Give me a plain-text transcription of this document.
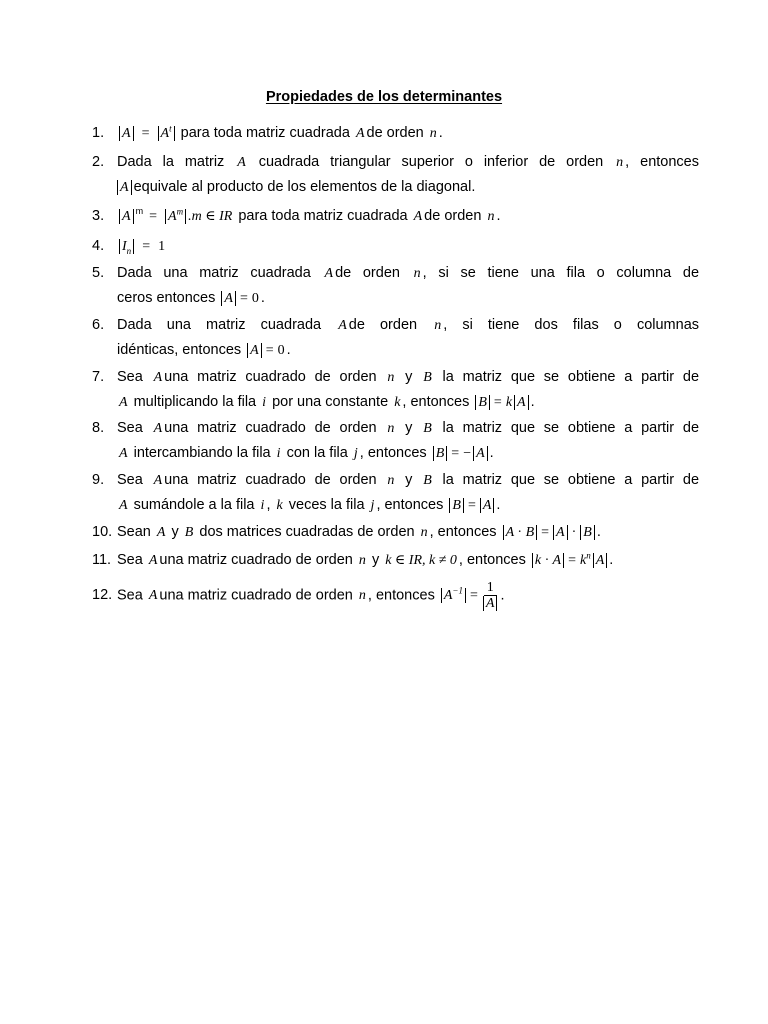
Propiedades de los determinantes
1.	$A = A^t$ para toda matriz cuadrada A de orden n .
2. Dada la matriz A cuadrada triangular superior o inferior de orden n , entonces
A equivale al producto de los elementos de la diagonal.
3.	A $^m = A^m$ .m ∈ IR para toda matriz cuadrada A de orden n .
4.	$I_n = 1$
5. Dada una matriz cuadrada A de orden n , si se tiene una fila o columna de
ceros entonces A = 0 .
6. Dada una matriz cuadrada A de orden n , si tiene dos filas o columnas
idénticas, entonces A = 0 .
7. Sea A una matriz cuadrado de orden n y B la matriz que se obtiene a partir de
A multiplicando la fila i por una constante k , entonces B = k A .
8. Sea A una matriz cuadrado de orden n y B la matriz que se obtiene a partir de
A intercambiando la fila i con la fila j , entonces B = − A .
9. Sea A una matriz cuadrado de orden n y B la matriz que se obtiene a partir de
A sumándole a la fila i , k veces la fila j , entonces B = A .
10. Sean A y B dos matrices cuadradas de orden n , entonces A · B = A · B .
11. Sea A una matriz cuadrado de orden n y k ∈ IR, k ≠ 0 , entonces $k \cdot A = k^n$ A .
12. Sea A una matriz cuadrado de orden n , entonces $A^{-1} = \frac{1}{A}$ .
